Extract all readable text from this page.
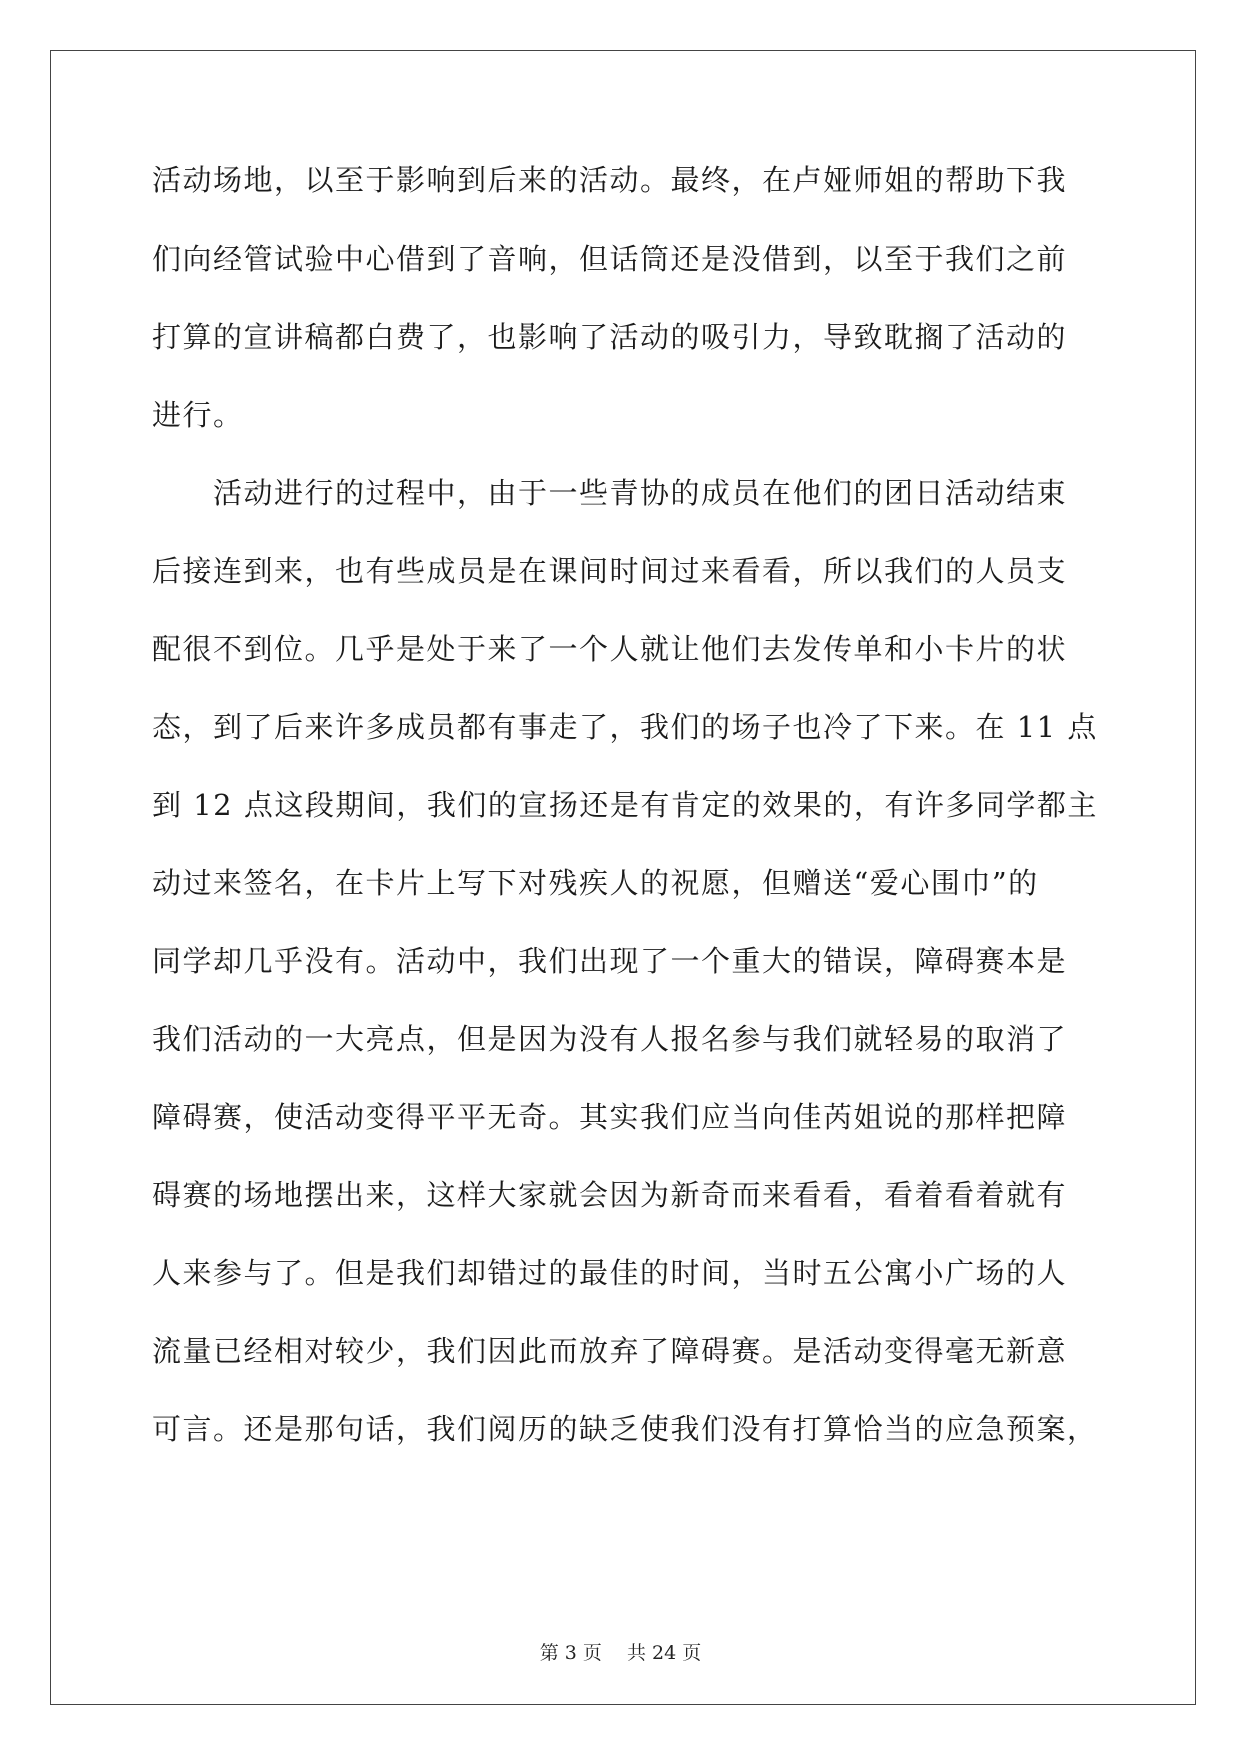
活动场地，以至于影响到后来的活动。最终，在卢娅师姐的帮助下我
们向经管试验中心借到了音响，但话筒还是没借到，以至于我们之前
打算的宣讲稿都白费了，也影响了活动的吸引力，导致耽搁了活动的
进行。
　　活动进行的过程中，由于一些青协的成员在他们的团日活动结束
后接连到来，也有些成员是在课间时间过来看看，所以我们的人员支
配很不到位。几乎是处于来了一个人就让他们去发传单和小卡片的状
态，到了后来许多成员都有事走了，我们的场子也冷了下来。在 11 点
到 12 点这段期间，我们的宣扬还是有肯定的效果的，有许多同学都主
动过来签名，在卡片上写下对残疾人的祝愿，但赠送“爱心围巾”的
同学却几乎没有。活动中，我们出现了一个重大的错误，障碍赛本是
我们活动的一大亮点，但是因为没有人报名参与我们就轻易的取消了
障碍赛，使活动变得平平无奇。其实我们应当向佳芮姐说的那样把障
碍赛的场地摆出来，这样大家就会因为新奇而来看看，看着看着就有
人来参与了。但是我们却错过的最佳的时间，当时五公寓小广场的人
流量已经相对较少，我们因此而放弃了障碍赛。是活动变得毫无新意
可言。还是那句话，我们阅历的缺乏使我们没有打算恰当的应急预案，
第 3 页　 共 24 页
